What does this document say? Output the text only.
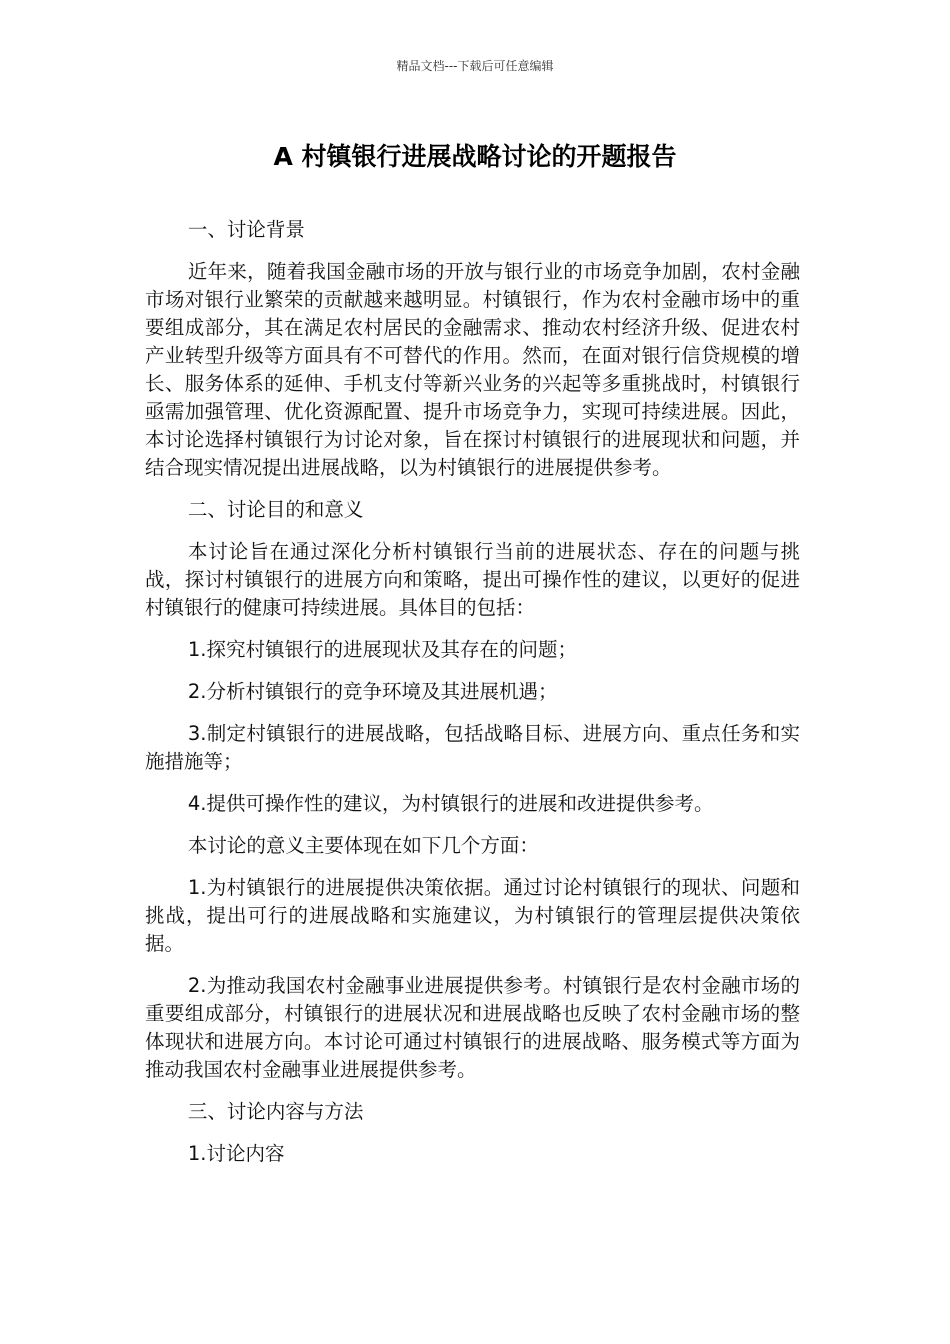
精品文档---下载后可任意编辑
A 村镇银行进展战略讨论的开题报告

一、讨论背景

近年来，随着我国金融市场的开放与银行业的市场竞争加剧，农村金融市场对银行业繁荣的贡献越来越明显。村镇银行，作为农村金融市场中的重要组成部分，其在满足农村居民的金融需求、推动农村经济升级、促进农村产业转型升级等方面具有不可替代的作用。然而，在面对银行信贷规模的增长、服务体系的延伸、手机支付等新兴业务的兴起等多重挑战时，村镇银行亟需加强管理、优化资源配置、提升市场竞争力，实现可持续进展。因此，本讨论选择村镇银行为讨论对象，旨在探讨村镇银行的进展现状和问题，并结合现实情况提出进展战略，以为村镇银行的进展提供参考。

二、讨论目的和意义

本讨论旨在通过深化分析村镇银行当前的进展状态、存在的问题与挑战，探讨村镇银行的进展方向和策略，提出可操作性的建议，以更好的促进村镇银行的健康可持续进展。具体目的包括：

1.探究村镇银行的进展现状及其存在的问题；

2.分析村镇银行的竞争环境及其进展机遇；

3.制定村镇银行的进展战略，包括战略目标、进展方向、重点任务和实施措施等；

4.提供可操作性的建议，为村镇银行的进展和改进提供参考。

本讨论的意义主要体现在如下几个方面：

1.为村镇银行的进展提供决策依据。通过讨论村镇银行的现状、问题和挑战，提出可行的进展战略和实施建议，为村镇银行的管理层提供决策依据。

2.为推动我国农村金融事业进展提供参考。村镇银行是农村金融市场的重要组成部分，村镇银行的进展状况和进展战略也反映了农村金融市场的整体现状和进展方向。本讨论可通过村镇银行的进展战略、服务模式等方面为推动我国农村金融事业进展提供参考。

三、讨论内容与方法

1.讨论内容
